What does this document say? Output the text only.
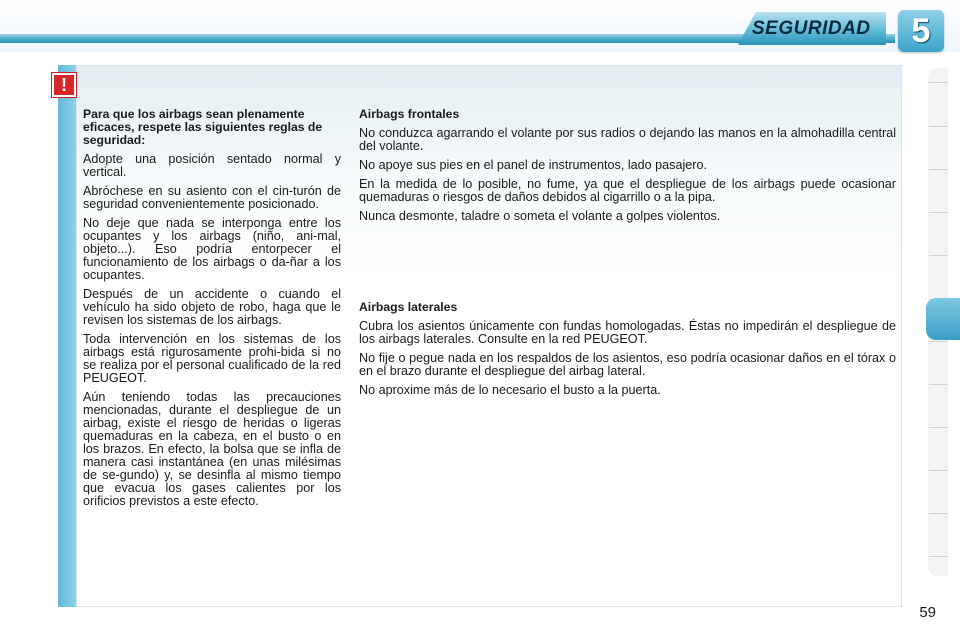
SEGURIDAD	5
!
Para que los airbags sean plenamente eficaces, respete las siguientes reglas de seguridad:
Adopte una posición sentado normal y vertical.
Abróchese en su asiento con el cin-turón de seguridad convenientemente posicionado.
No deje que nada se interponga entre los ocupantes y los airbags (niño, ani-mal, objeto...). Eso podría entorpecer el funcionamiento de los airbags o da-ñar a los ocupantes.
Después de un accidente o cuando el vehículo ha sido objeto de robo, haga que le revisen los sistemas de los airbags.
Toda intervención en los sistemas de los airbags está rigurosamente prohi-bida si no se realiza por el personal cualificado de la red PEUGEOT.
Aún teniendo todas las precauciones mencionadas, durante el despliegue de un airbag, existe el riesgo de heridas o ligeras quemaduras en la cabeza, en el busto o en los brazos. En efecto, la bolsa que se infla de manera casi instantánea (en unas milésimas de se-gundo) y, se desinfla al mismo tiempo que evacua los gases calientes por los orificios previstos a este efecto.
Airbags frontales
No conduzca agarrando el volante por sus radios o dejando las manos en la almohadilla central del volante.
No apoye sus pies en el panel de instrumentos, lado pasajero.
En la medida de lo posible, no fume, ya que el despliegue de los airbags puede ocasionar quemaduras o riesgos de daños debidos al cigarrillo o a la pipa.
Nunca desmonte, taladre o someta el volante a golpes violentos.
Airbags laterales
Cubra los asientos únicamente con fundas homologadas. Éstas no impedirán el despliegue de los airbags laterales. Consulte en la red PEUGEOT.
No fije o pegue nada en los respaldos de los asientos, eso podría ocasionar daños en el tórax o en el brazo durante el despliegue del airbag lateral.
No aproxime más de lo necesario el busto a la puerta.
59
